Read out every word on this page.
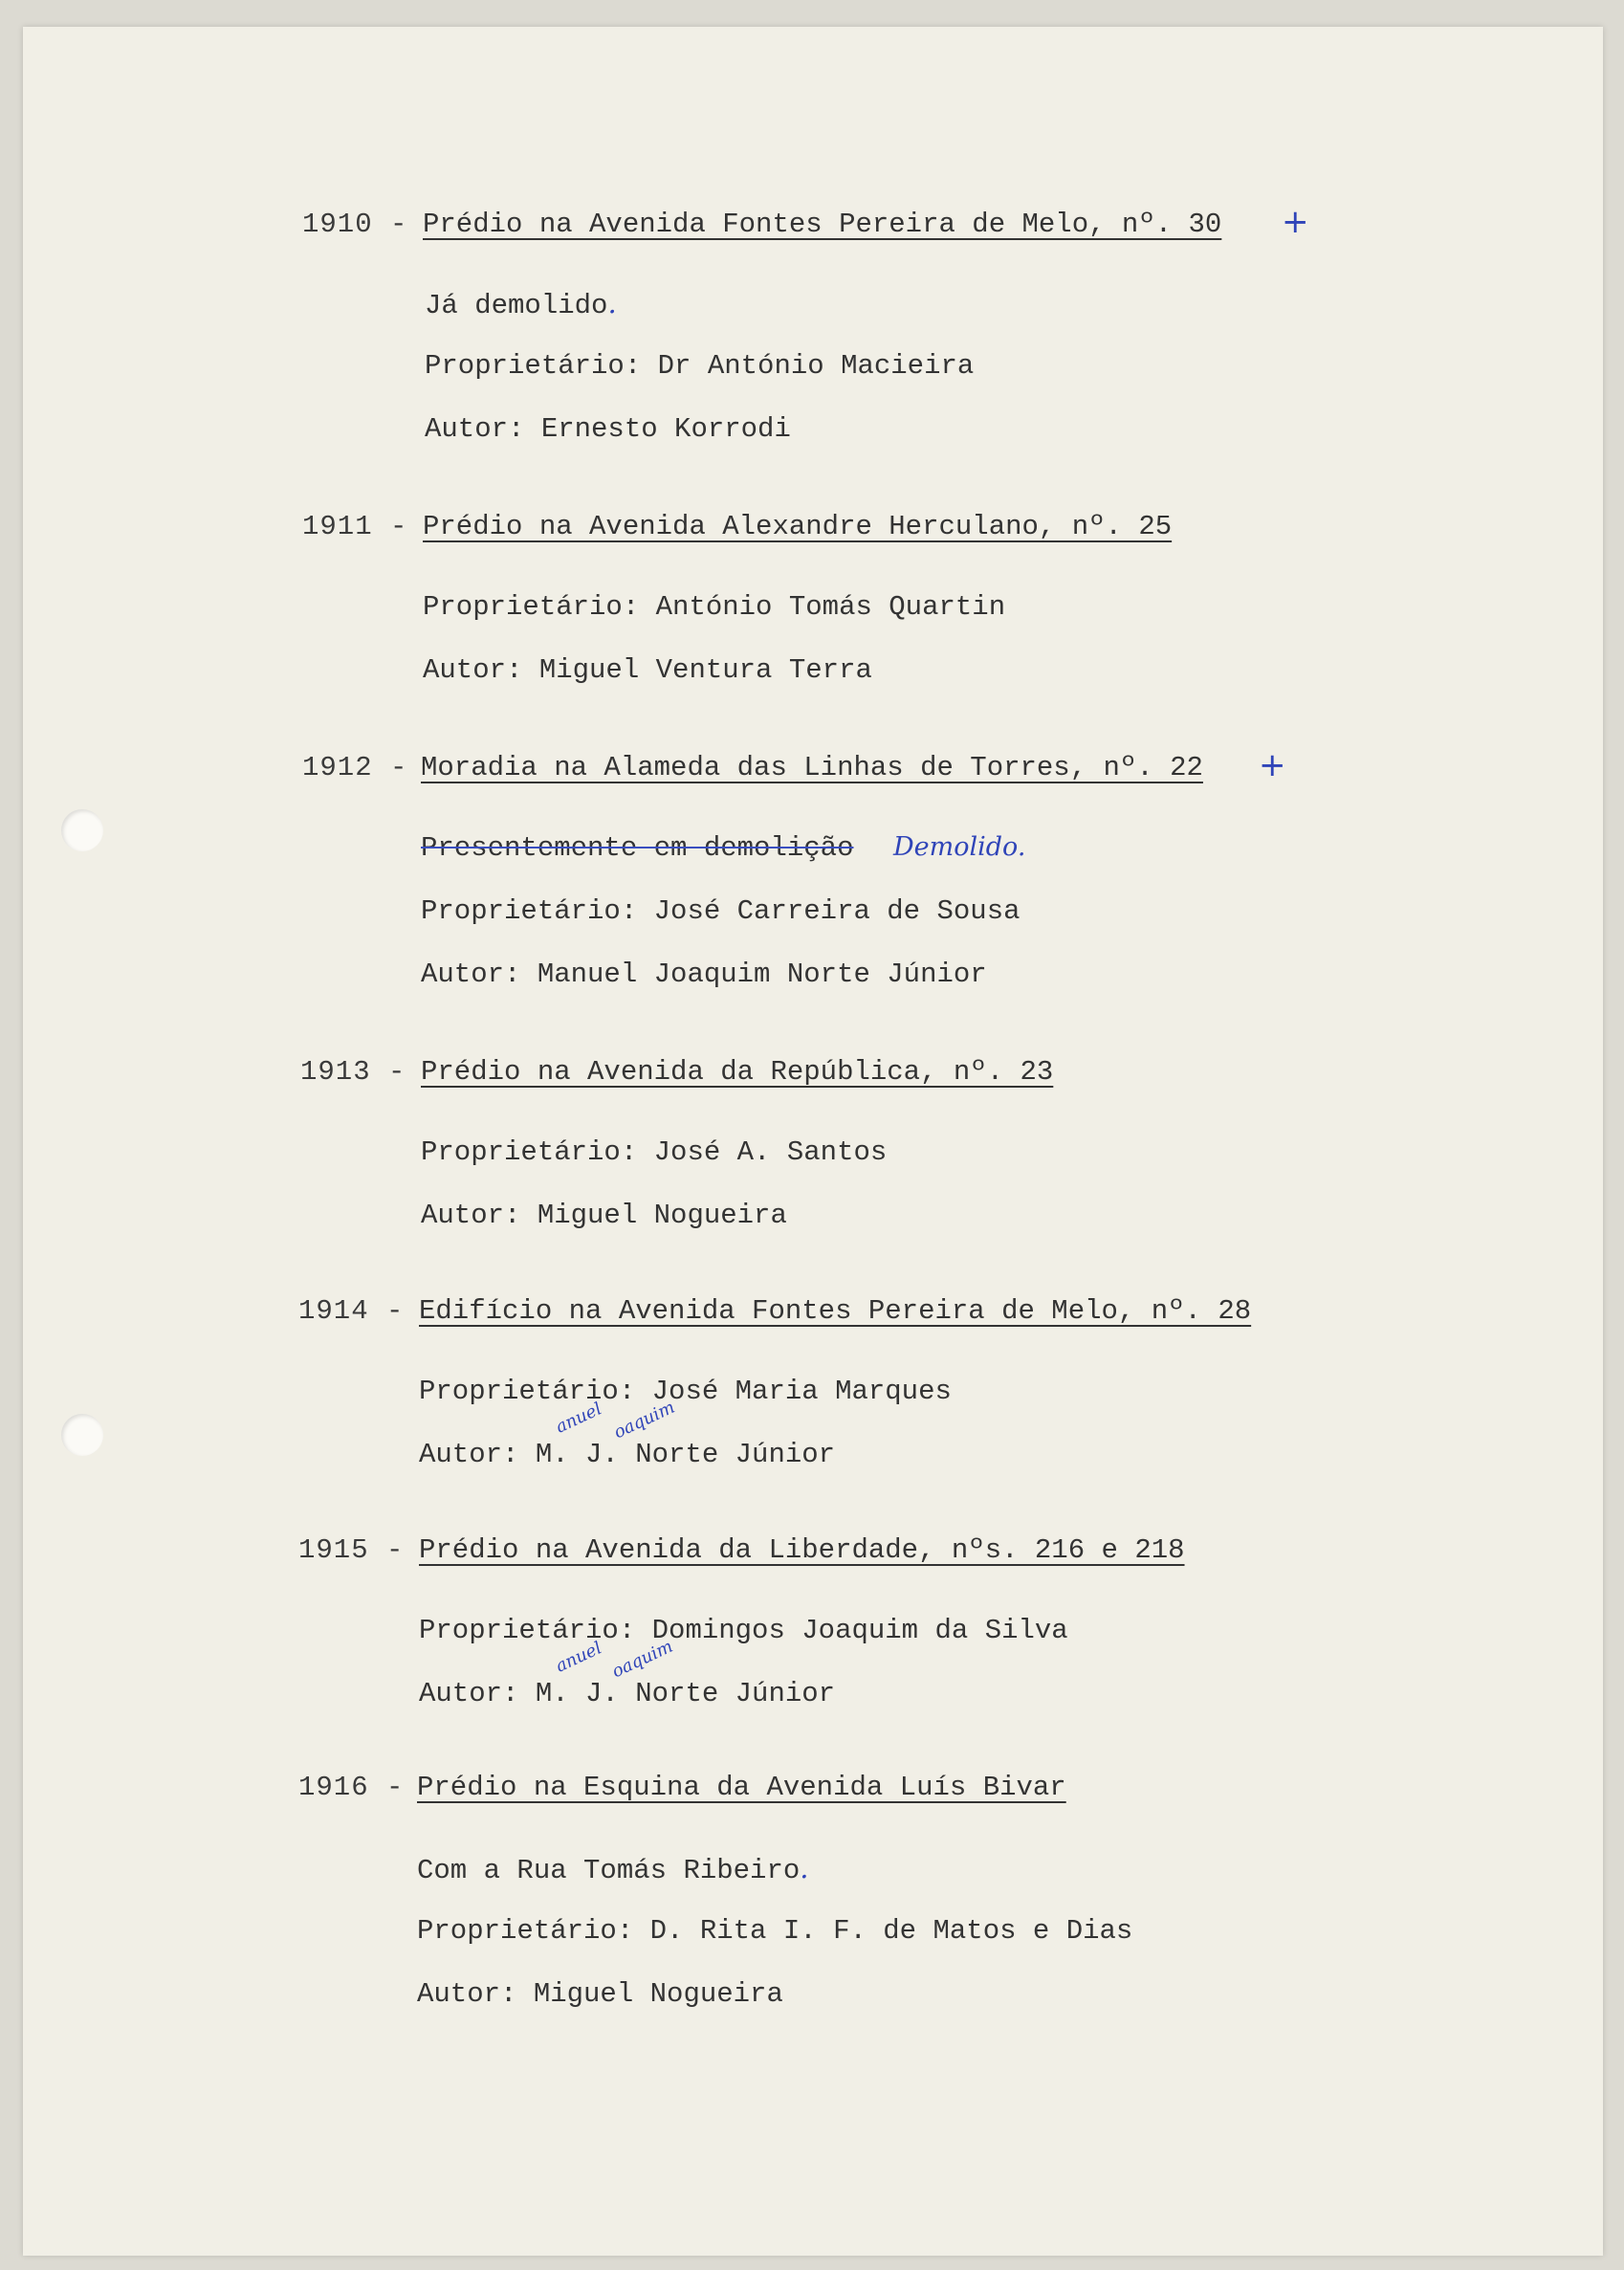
1910 - Prédio na Avenida Fontes Pereira de Melo, nº. 30 +
Já demolido.
Proprietário: Dr António Macieira
Autor: Ernesto Korrodi
1911 - Prédio na Avenida Alexandre Herculano, nº. 25
Proprietário: António Tomás Quartin
Autor: Miguel Ventura Terra
1912 - Moradia na Alameda das Linhas de Torres, nº. 22 +
Presentemente em demolição Demolido.
Proprietário: José Carreira de Sousa
Autor: Manuel Joaquim Norte Júnior
1913 - Prédio na Avenida da República, nº. 23
Proprietário: José A. Santos
Autor: Miguel Nogueira
1914 - Edifício na Avenida Fontes Pereira de Melo, nº. 28
Proprietário: José Maria Marques
Autor: M. J. Norte Júnior
anuel oaquim
1915 - Prédio na Avenida da Liberdade, nºs. 216 e 218
Proprietário: Domingos Joaquim da Silva
Autor: M. J. Norte Júnior
anuel oaquim
1916 - Prédio na Esquina da Avenida Luís Bivar
Com a Rua Tomás Ribeiro.
Proprietário: D. Rita I. F. de Matos e Dias
Autor: Miguel Nogueira
